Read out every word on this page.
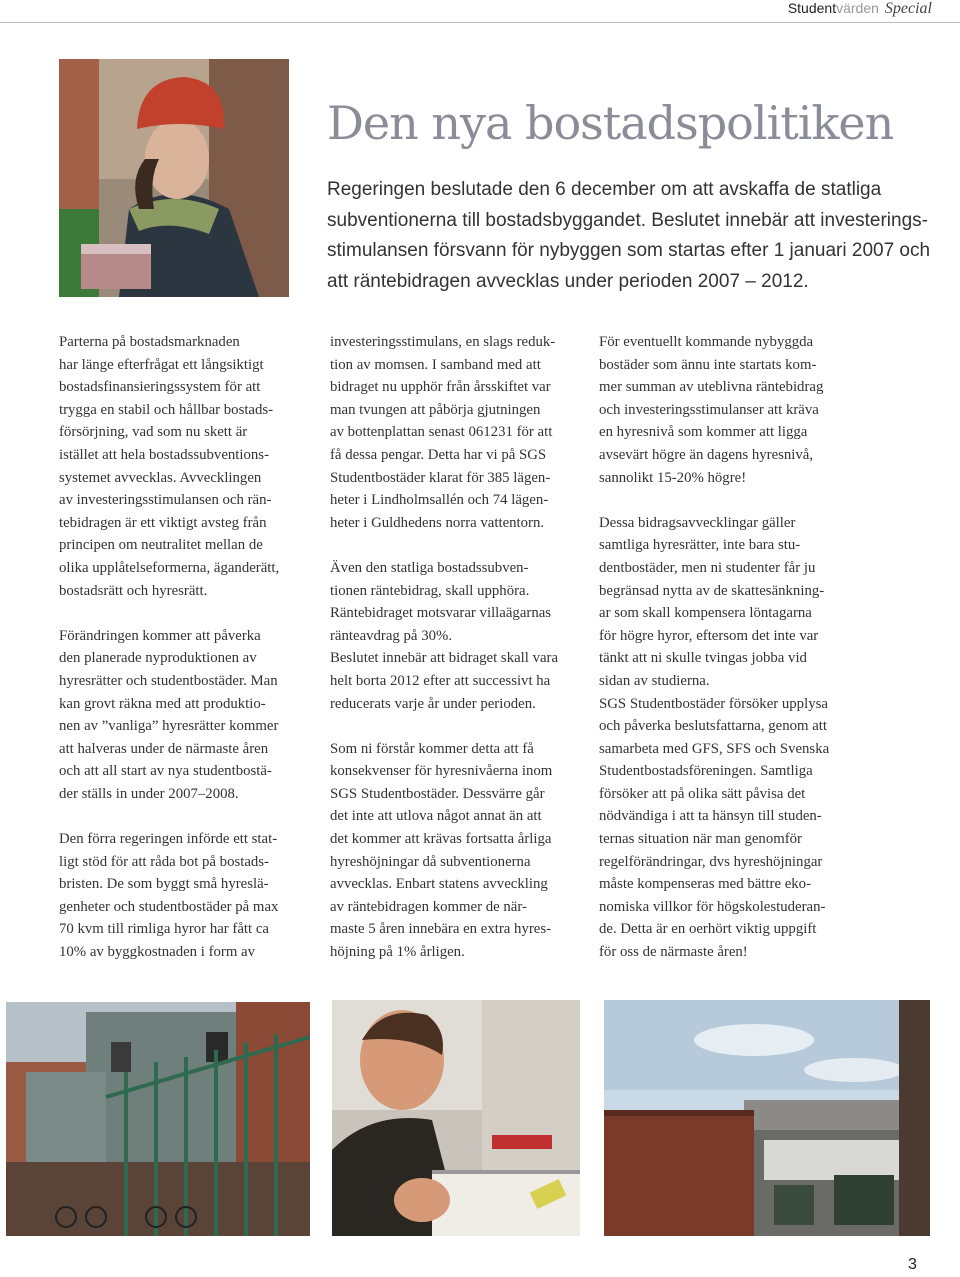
Studentvärden Special
Den nya bostadspolitiken
Regeringen beslutade den 6 december om att avskaffa de statliga
subventionerna till bostadsbyggandet. Beslutet innebär att investerings-
stimulansen försvann för nybyggen som startas efter 1 januari 2007 och
att räntebidragen avvecklas under perioden 2007 – 2012.
Parterna på bostadsmarknaden
har länge efterfrågat ett långsiktigt
bostadsfinansieringssystem för att
trygga en stabil och hållbar bostads-
försörjning, vad som nu skett är
istället att hela bostadssubventions-
systemet avvecklas. Avvecklingen
av investeringsstimulansen och rän-
tebidragen är ett viktigt avsteg från
principen om neutralitet mellan de
olika upplåtelseformerna, äganderätt,
bostadsrätt och hyresrätt.
Förändringen kommer att påverka
den planerade nyproduktionen av
hyresrätter och studentbostäder. Man
kan grovt räkna med att produktio-
nen av ”vanliga” hyresrätter kommer
att halveras under de närmaste åren
och att all start av nya studentbostä-
der ställs in under 2007–2008.
Den förra regeringen införde ett stat-
ligt stöd för att råda bot på bostads-
bristen. De som byggt små hyreslä-
genheter och studentbostäder på max
70 kvm till rimliga hyror har fått ca
10% av byggkostnaden i form av
investeringsstimulans, en slags reduk-
tion av momsen. I samband med att
bidraget nu upphör från årsskiftet var
man tvungen att påbörja gjutningen
av bottenplattan senast 061231 för att
få dessa pengar. Detta har vi på SGS
Studentbostäder klarat för 385 lägen-
heter i Lindholmsallén och 74 lägen-
heter i Guldhedens norra vattentorn.
Även den statliga bostadssubven-
tionen räntebidrag, skall upphöra.
Räntebidraget motsvarar villaägarnas
ränteavdrag på 30%.
Beslutet innebär att bidraget skall vara
helt borta 2012 efter att successivt ha
reducerats varje år under perioden.
Som ni förstår kommer detta att få
konsekvenser för hyresnivåerna inom
SGS Studentbostäder. Dessvärre går
det inte att utlova något annat än att
det kommer att krävas fortsatta årliga
hyreshöjningar då subventionerna
avvecklas. Enbart statens avveckling
av räntebidragen kommer de när-
maste 5 åren innebära en extra hyres-
höjning på 1% årligen.
För eventuellt kommande nybyggda
bostäder som ännu inte startats kom-
mer summan av uteblivna räntebidrag
och investeringsstimulanser att kräva
en hyresnivå som kommer att ligga
avsevärt högre än dagens hyresnivå,
sannolikt 15-20% högre!
Dessa bidragsavvecklingar gäller
samtliga hyresrätter, inte bara stu-
dentbostäder, men ni studenter får ju
begränsad nytta av de skattesänkning-
ar som skall kompensera löntagarna
för högre hyror, eftersom det inte var
tänkt att ni skulle tvingas jobba vid
sidan av studierna.
SGS Studentbostäder försöker upplysa
och påverka beslutsfattarna, genom att
samarbeta med GFS, SFS och Svenska
Studentbostadsföreningen. Samtliga
försöker att på olika sätt påvisa det
nödvändiga i att ta hänsyn till studen-
ternas situation när man genomför
regelförändringar, dvs hyreshöjningar
måste kompenseras med bättre eko-
nomiska villkor för högskolestuderan-
de. Detta är en oerhört viktig uppgift
för oss de närmaste åren!
3
